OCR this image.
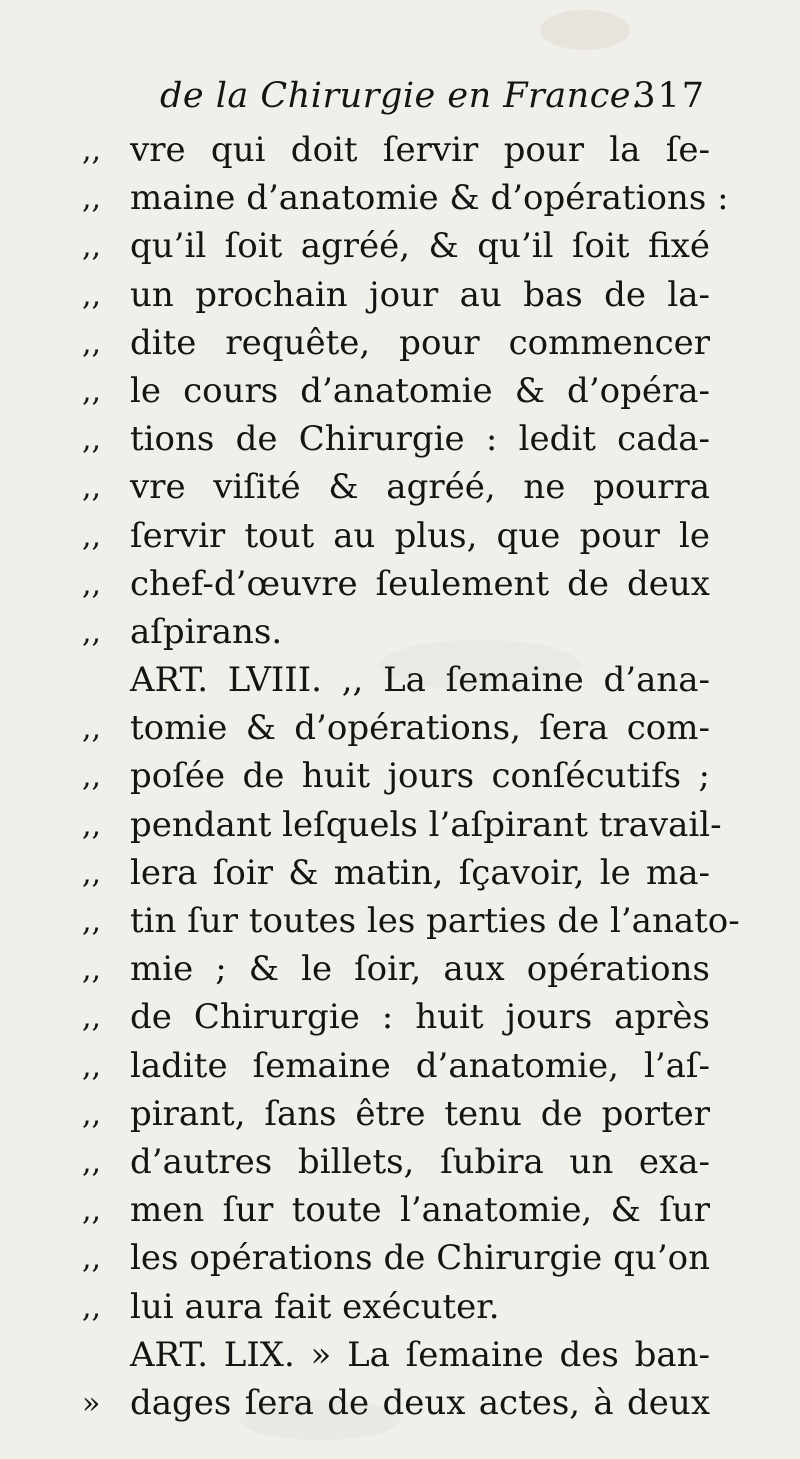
de la Chirurgie en France.
317
,, vre qui doit ſervir pour la ſe-
,, maine d’anatomie & d’opérations :
,, qu’il ſoit agréé, & qu’il ſoit fixé
,, un prochain jour au bas de la-
,, dite requête, pour commencer
,, le cours d’anatomie & d’opéra-
,, tions de Chirurgie : ledit cada-
,, vre viſité & agréé, ne pourra
,, ſervir tout au plus, que pour le
,, chef-d’œuvre ſeulement de deux
,, aſpirans.
ART. LVIII. ,, La ſemaine d’ana-
,, tomie & d’opérations, ſera com-
,, poſée de huit jours conſécutifs ;
,, pendant leſquels l’aſpirant travail-
,, lera ſoir & matin, ſçavoir, le ma-
,, tin ſur toutes les parties de l’anato-
,, mie ; & le ſoir, aux opérations
,, de Chirurgie : huit jours après
,, ladite ſemaine d’anatomie, l’aſ-
,, pirant, ſans être tenu de porter
,, d’autres billets, ſubira un exa-
,, men ſur toute l’anatomie, & ſur
,, les opérations de Chirurgie qu’on
,, lui aura fait exécuter.
ART. LIX. » La ſemaine des ban-
» dages ſera de deux actes, à deux
